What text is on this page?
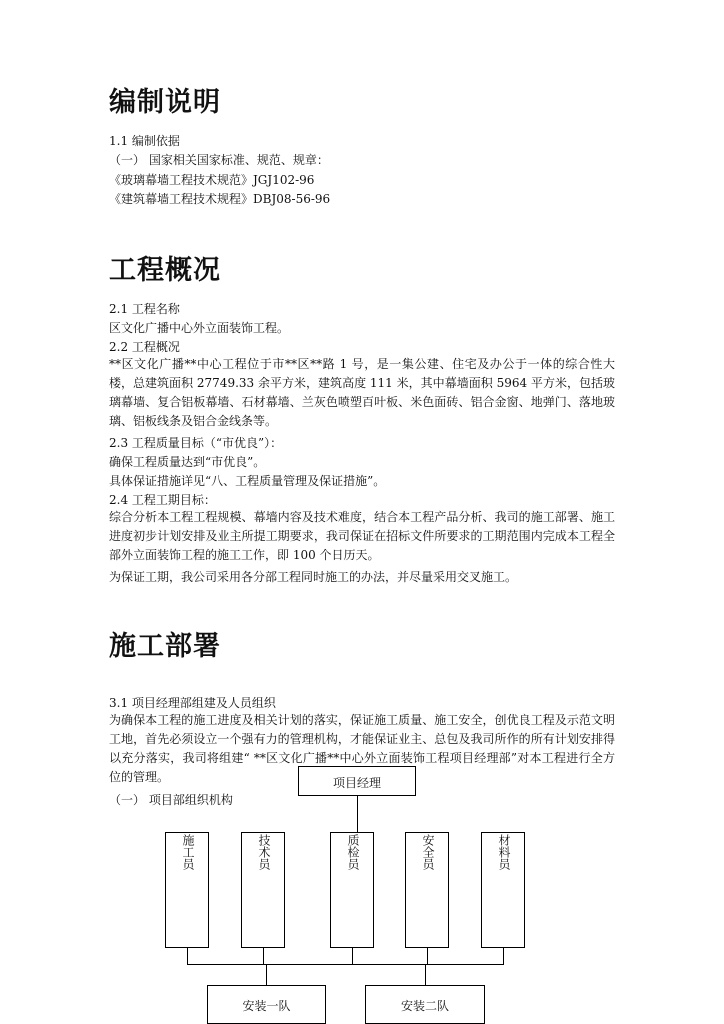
编制说明

1.1 编制依据

（一） 国家相关国家标准、规范、规章：

《玻璃幕墙工程技术规范》JGJ102-96

《建筑幕墙工程技术规程》DBJ08-56-96

工程概况

2.1 工程名称

区文化广播中心外立面装饰工程。

2.2 工程概况

**区文化广播**中心工程位于市**区**路 1 号，是一集公建、住宅及办公于一体的综合性大楼，总建筑面积 27749.33 余平方米，建筑高度 111 米，其中幕墙面积 5964 平方米，包括玻璃幕墙、复合铝板幕墙、石材幕墙、兰灰色喷塑百叶板、米色面砖、铝合金窗、地弹门、落地玻璃、铝板线条及铝合金线条等。

2.3 工程质量目标（“市优良”）：

确保工程质量达到“市优良”。

具体保证措施详见“八、工程质量管理及保证措施”。

2.4 工程工期目标：

综合分析本工程工程规模、幕墙内容及技术难度，结合本工程产品分析、我司的施工部署、施工进度初步计划安排及业主所提工期要求，我司保证在招标文件所要求的工期范围内完成本工程全部外立面装饰工程的施工工作，即 100 个日历天。

为保证工期，我公司采用各分部工程同时施工的办法，并尽量采用交叉施工。

施工部署

3.1 项目经理部组建及人员组织

为确保本工程的施工进度及相关计划的落实，保证施工质量、施工安全，创优良工程及示范文明工地，首先必须设立一个强有力的管理机构，才能保证业主、总包及我司所作的所有计划安排得以充分落实，我司将组建“ **区文化广播**中心外立面装饰工程项目经理部”对本工程进行全方位的管理。

（一） 项目部组织机构

项目经理
施工员	技术员	质检员	安全员	材料员
安装一队	安装二队
